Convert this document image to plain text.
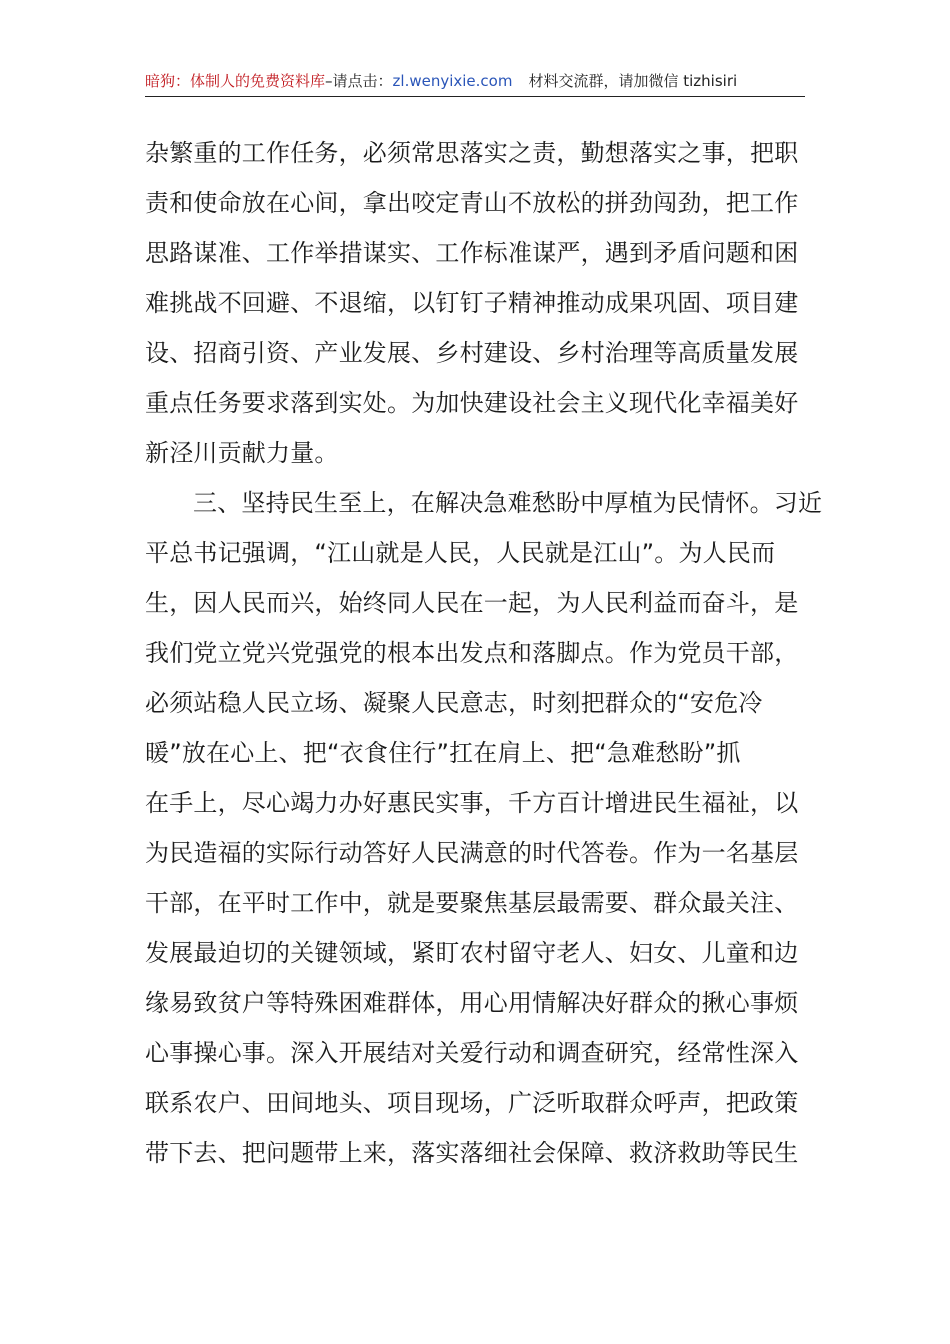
暗狗：体制人的免费资料库–请点击：zl.wenyixie.com 材料交流群，请加微信 tizhisiri
杂繁重的工作任务，必须常思落实之责，勤想落实之事，把职
责和使命放在心间，拿出咬定青山不放松的拼劲闯劲，把工作
思路谋准、工作举措谋实、工作标准谋严，遇到矛盾问题和困
难挑战不回避、不退缩，以钉钉子精神推动成果巩固、项目建
设、招商引资、产业发展、乡村建设、乡村治理等高质量发展
重点任务要求落到实处。为加快建设社会主义现代化幸福美好
新泾川贡献力量。
三、坚持民生至上，在解决急难愁盼中厚植为民情怀。习近
平总书记强调，“江山就是人民，人民就是江山”。为人民而
生，因人民而兴，始终同人民在一起，为人民利益而奋斗，是
我们党立党兴党强党的根本出发点和落脚点。作为党员干部，
必须站稳人民立场、凝聚人民意志，时刻把群众的“安危冷
暖”放在心上、把“衣食住行”扛在肩上、把“急难愁盼”抓
在手上，尽心竭力办好惠民实事，千方百计增进民生福祉，以
为民造福的实际行动答好人民满意的时代答卷。作为一名基层
干部，在平时工作中，就是要聚焦基层最需要、群众最关注、
发展最迫切的关键领域，紧盯农村留守老人、妇女、儿童和边
缘易致贫户等特殊困难群体，用心用情解决好群众的揪心事烦
心事操心事。深入开展结对关爱行动和调查研究，经常性深入
联系农户、田间地头、项目现场，广泛听取群众呼声，把政策
带下去、把问题带上来，落实落细社会保障、救济救助等民生
